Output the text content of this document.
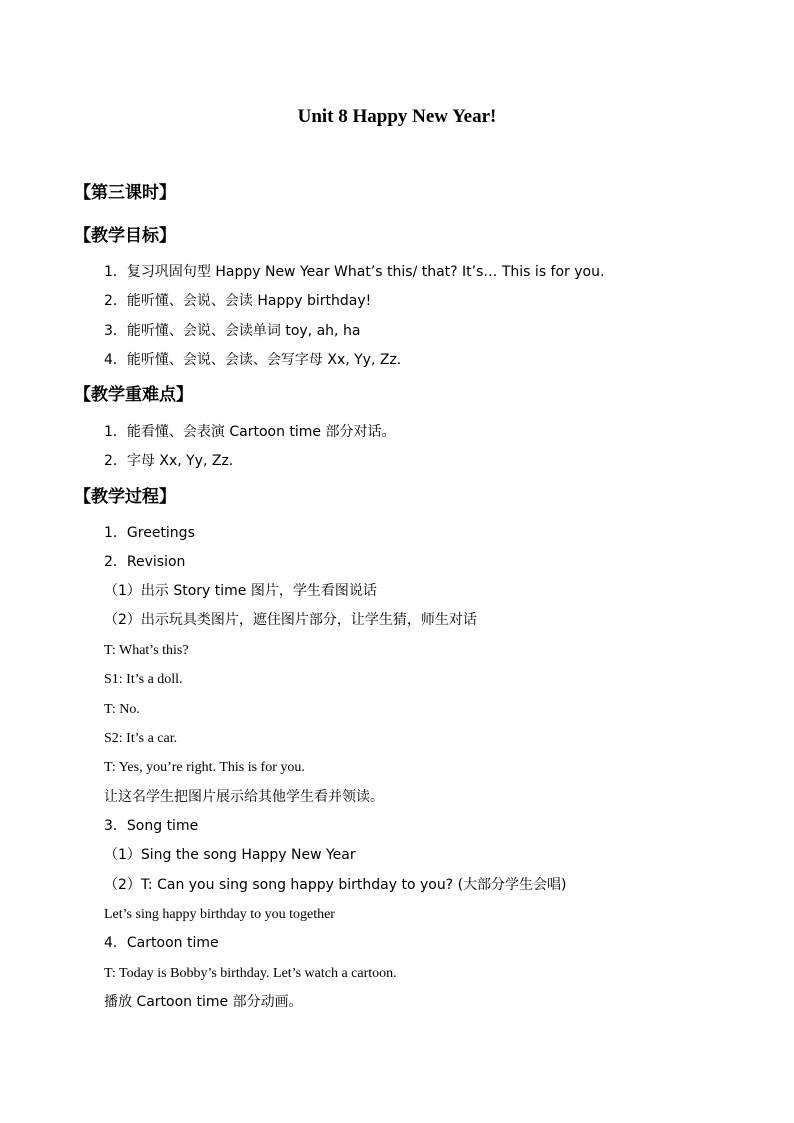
Unit 8 Happy New Year!
【第三课时】
【教学目标】
1．复习巩固句型 Happy New Year What’s this/ that? It’s… This is for you.
2．能听懂、会说、会读 Happy birthday!
3．能听懂、会说、会读单词 toy, ah, ha
4．能听懂、会说、会读、会写字母 Xx, Yy, Zz.
【教学重难点】
1．能看懂、会表演 Cartoon time 部分对话。
2．字母 Xx, Yy, Zz.
【教学过程】
1．Greetings
2．Revision
（1）出示 Story time 图片，学生看图说话
（2）出示玩具类图片，遮住图片部分，让学生猜，师生对话
T: What’s this?
S1: It’s a doll.
T: No.
S2: It’s a car.
T: Yes, you’re right. This is for you.
让这名学生把图片展示给其他学生看并领读。
3．Song time
（1）Sing the song Happy New Year
（2）T: Can you sing song happy birthday to you? (大部分学生会唱)
Let’s sing happy birthday to you together
4．Cartoon time
T: Today is Bobby’s birthday. Let’s watch a cartoon.
播放 Cartoon time 部分动画。
